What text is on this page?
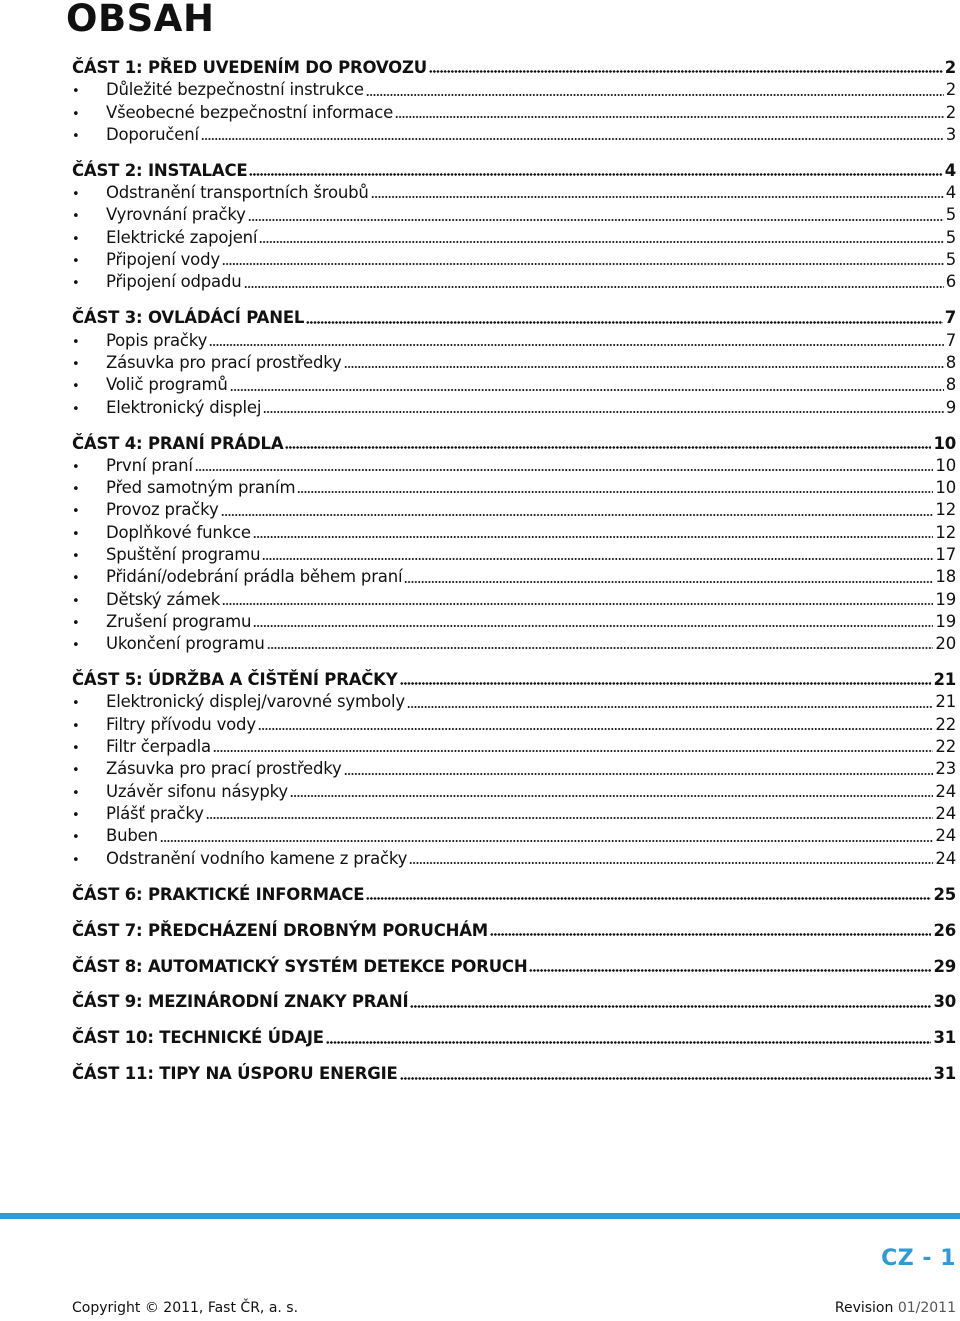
OBSAH
ČÁST 1: PŘED UVEDENÍM DO PROVOZU	2
•	Důležité bezpečnostní instrukce	2
•	Všeobecné bezpečnostní informace	2
•	Doporučení	3
ČÁST 2: INSTALACE	4
•	Odstranění transportních šroubů	4
•	Vyrovnání pračky	5
•	Elektrické zapojení	5
•	Připojení vody	5
•	Připojení odpadu	6
ČÁST 3: OVLÁDÁCÍ PANEL	7
•	Popis pračky	7
•	Zásuvka pro prací prostředky	8
•	Volič programů	8
•	Elektronický displej	9
ČÁST 4: PRANÍ PRÁDLA	10
•	První praní	10
•	Před samotným praním	10
•	Provoz pračky	12
•	Doplňkové funkce	12
•	Spuštění programu	17
•	Přidání/odebrání prádla během praní	18
•	Dětský zámek	19
•	Zrušení programu	19
•	Ukončení programu	20
ČÁST 5: ÚDRŽBA A ČIŠTĚNÍ PRAČKY	21
•	Elektronický displej/varovné symboly	21
•	Filtry přívodu vody	22
•	Filtr čerpadla	22
•	Zásuvka pro prací prostředky	23
•	Uzávěr sifonu násypky	24
•	Plášť pračky	24
•	Buben	24
•	Odstranění vodního kamene z pračky	24
ČÁST 6: PRAKTICKÉ INFORMACE	25
ČÁST 7: PŘEDCHÁZENÍ DROBNÝM PORUCHÁM	26
ČÁST 8: AUTOMATICKÝ SYSTÉM DETEKCE PORUCH	29
ČÁST 9: MEZINÁRODNÍ ZNAKY PRANÍ	30
ČÁST 10: TECHNICKÉ ÚDAJE	31
ČÁST 11: TIPY NA ÚSPORU ENERGIE	31
CZ - 1
Copyright © 2011, Fast ČR, a. s.	Revision 01/2011
